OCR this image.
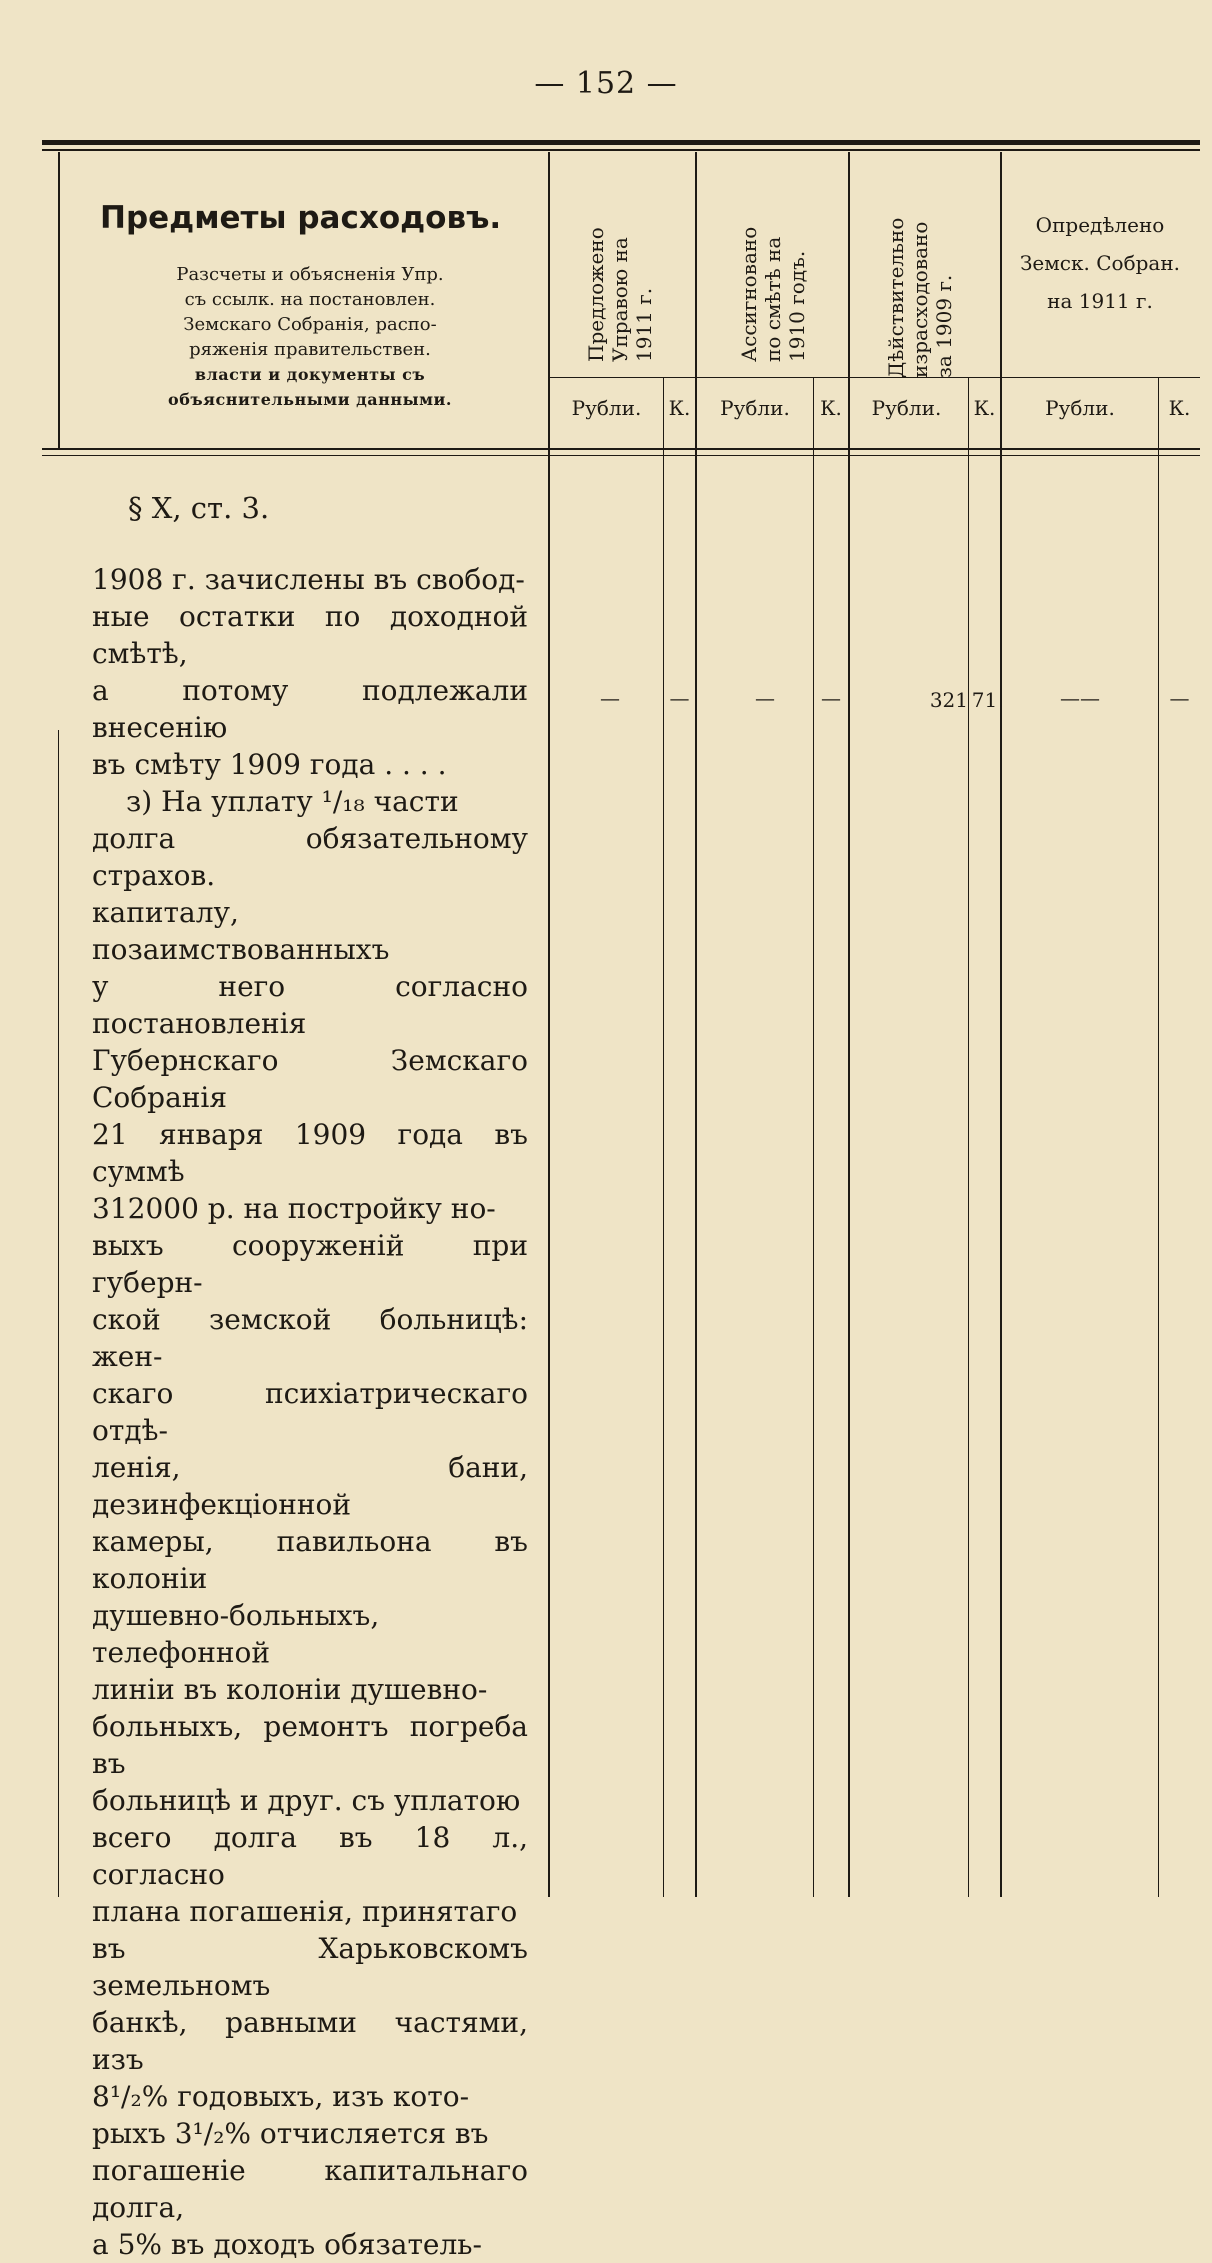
— 152 —
Предметы расходовъ.
Разсчеты и объясненія Упр.
съ ссылк. на постановлен.
Земскаго Собранія, распо-
ряженія правительствен.
власти и документы съ
объяснительными данными.
Предложено Управою на 1911 г.	Ассигновано по смѣтѣ на 1910 годъ.	Дѣйствительно израсходовано за 1909 г.
Опредѣлено
Земск. Собран.
на 1911 г.
Рубли.	К.	Рубли.	К.	Рубли.	К.	Рубли.	К.
§ X, ст. 3.
1908 г. зачислены въ свобод-
ные остатки по доходной смѣтѣ,
а потому подлежали внесенію
въ смѣту 1909 года . . . .
—	—	—	—	321 71	——	—
з) На уплату ¹/₁₈ части
долга обязательному страхов.
капиталу, позаимствованныхъ
у него согласно постановленія
Губернскаго Земскаго Собранія
21 января 1909 года въ суммѣ
312000 р. на постройку но-
выхъ сооруженій при губерн-
ской земской больницѣ: жен-
скаго психіатрическаго отдѣ-
ленія, бани, дезинфекціонной
камеры, павильона въ колоніи
душевно-больныхъ, телефонной
линіи въ колоніи душевно-
больныхъ, ремонтъ погреба въ
больницѣ и друг. съ уплатою
всего долга въ 18 л., согласно
плана погашенія, принятаго
въ Харьковскомъ земельномъ
банкѣ, равными частями, изъ
8¹/₂% годовыхъ, изъ кото-
рыхъ 3¹/₂% отчисляется въ
погашеніе капитальнаго долга,
а 5% въ доходъ обязатель-
